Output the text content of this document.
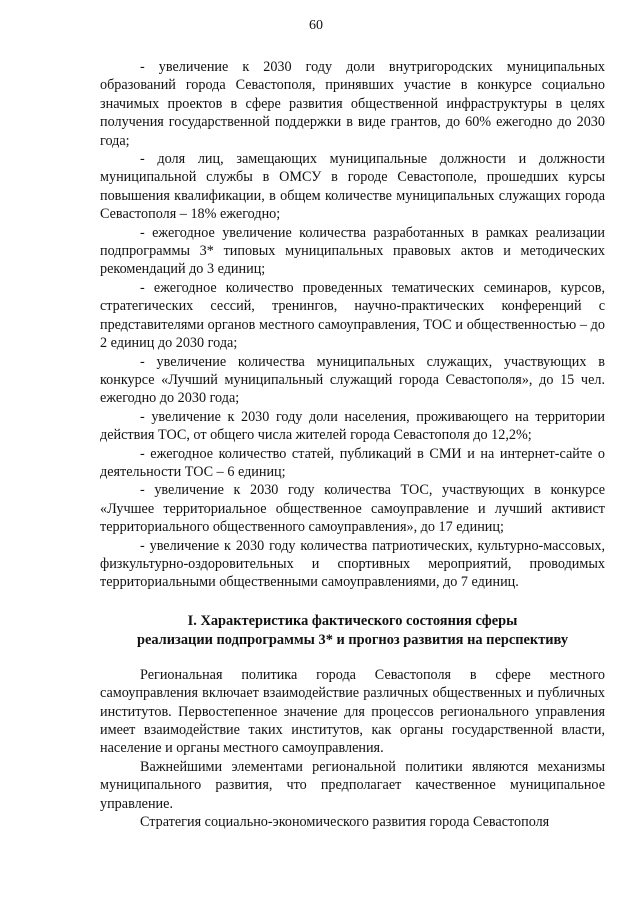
60

- увеличение к 2030 году доли внутригородских муниципальных образований города Севастополя, принявших участие в конкурсе социально значимых проектов в сфере развития общественной инфраструктуры в целях получения государственной поддержки в виде грантов, до 60% ежегодно до 2030 года;

- доля лиц, замещающих муниципальные должности и должности муниципальной службы в ОМСУ в городе Севастополе, прошедших курсы повышения квалификации, в общем количестве муниципальных служащих города Севастополя – 18% ежегодно;

- ежегодное увеличение количества разработанных в рамках реализации подпрограммы 3* типовых муниципальных правовых актов и методических рекомендаций до 3 единиц;

- ежегодное количество проведенных тематических семинаров, курсов, стратегических сессий, тренингов, научно-практических конференций с представителями органов местного самоуправления, ТОС и общественностью – до 2 единиц до 2030 года;

- увеличение количества муниципальных служащих, участвующих в конкурсе «Лучший муниципальный служащий города Севастополя», до 15 чел. ежегодно до 2030 года;

- увеличение к 2030 году доли населения, проживающего на территории действия ТОС, от общего числа жителей города Севастополя до 12,2%;

- ежегодное количество статей, публикаций в СМИ и на интернет-сайте о деятельности ТОС – 6 единиц;

- увеличение к 2030 году количества ТОС, участвующих в конкурсе «Лучшее территориальное общественное самоуправление и лучший активист территориального общественного самоуправления», до 17 единиц;

- увеличение к 2030 году количества патриотических, культурно-массовых, физкультурно-оздоровительных и спортивных мероприятий, проводимых территориальными общественными самоуправлениями, до 7 единиц.

I. Характеристика фактического состояния сферы
реализации подпрограммы 3* и прогноз развития на перспективу

Региональная политика города Севастополя в сфере местного самоуправления включает взаимодействие различных общественных и публичных институтов. Первостепенное значение для процессов регионального управления имеет взаимодействие таких институтов, как органы государственной власти, население и органы местного самоуправления.

Важнейшими элементами региональной политики являются механизмы муниципального развития, что предполагает качественное муниципальное управление.

Стратегия социально-экономического развития города Севастополя
